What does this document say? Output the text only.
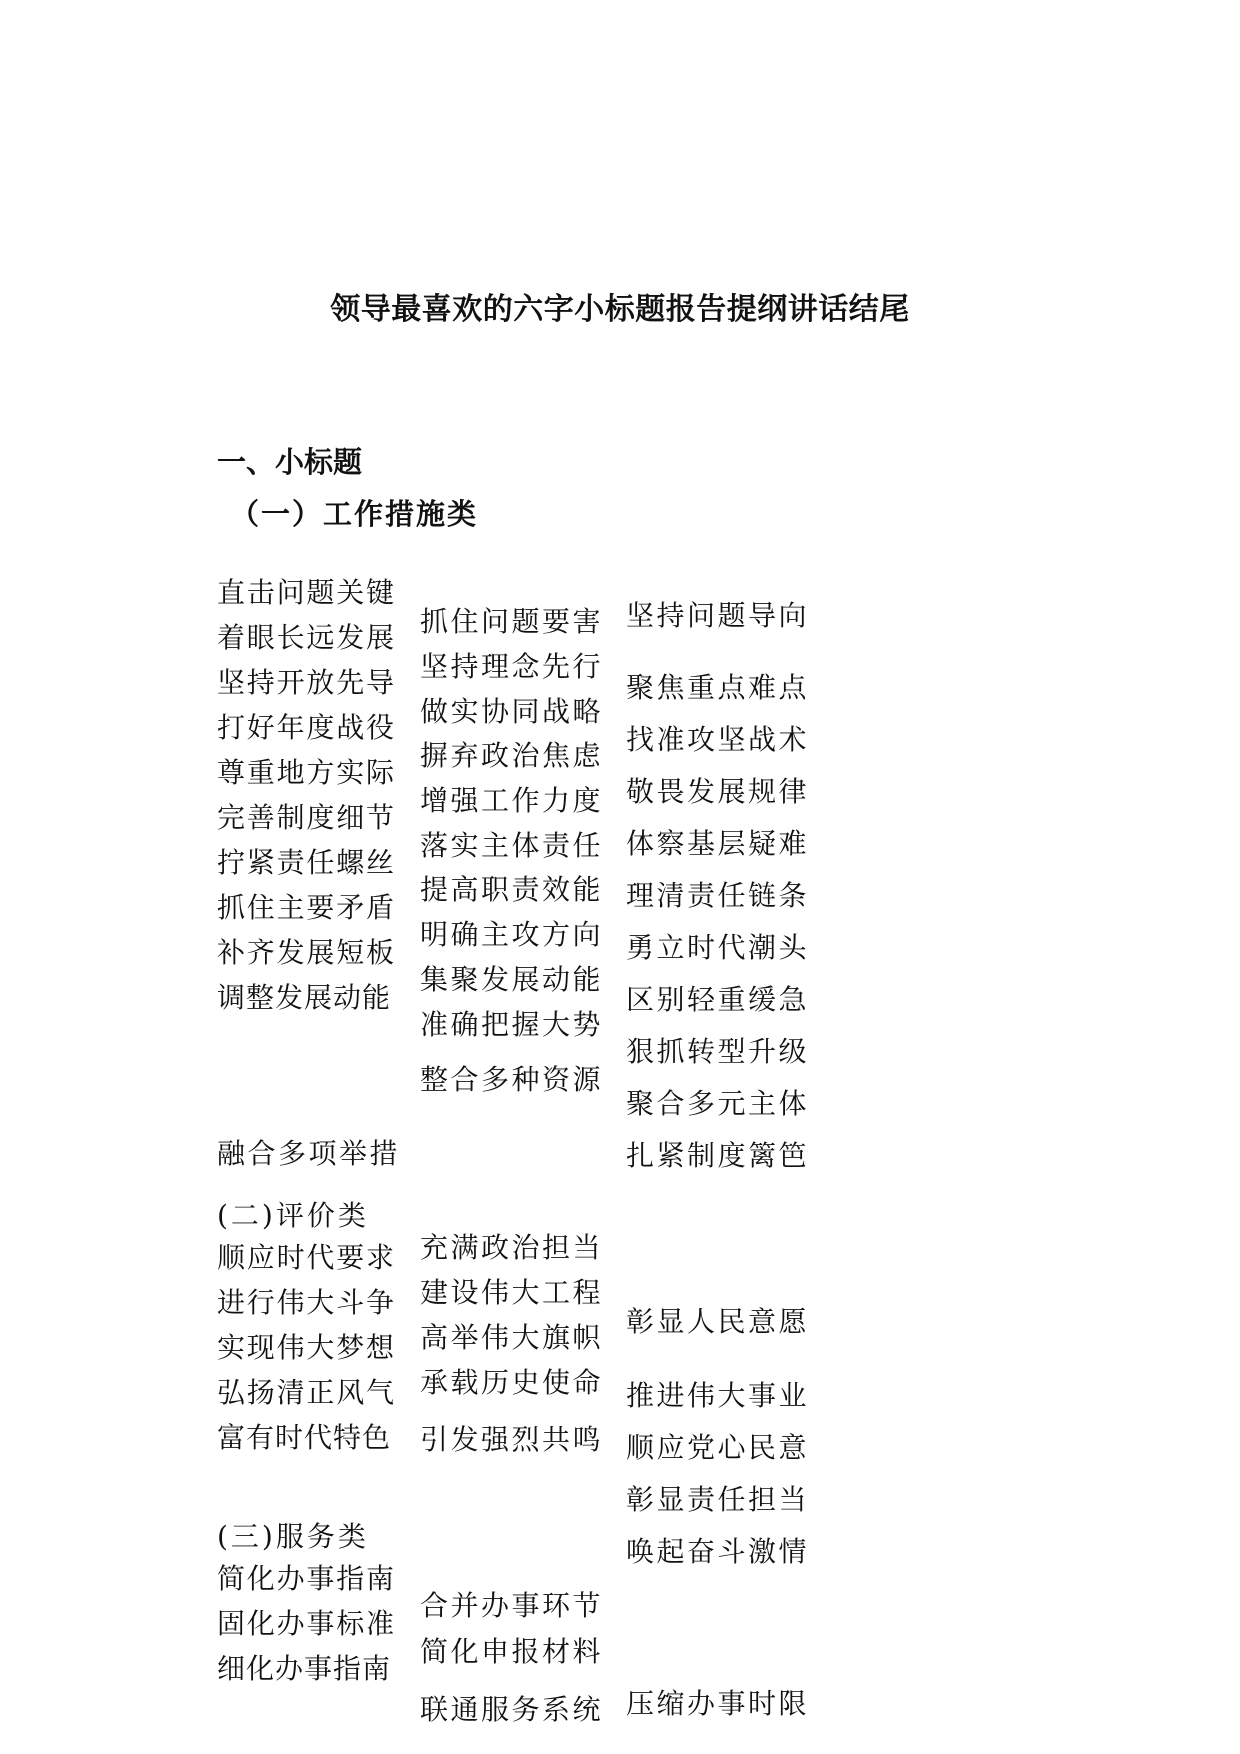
领导最喜欢的六字小标题报告提纲讲话结尾
一、小标题
（一）工作措施类
直击问题关键 着眼长远发展 坚持开放先导 打好年度战役 尊重地方实际 完善制度细节 拧紧责任螺丝 抓住主要矛盾 补齐发展短板 调整发展动能
融合多项举措
抓住问题要害
坚持理念先行
做实协同战略
摒弃政治焦虑
增强工作力度
落实主体责任
提高职责效能
明确主攻方向
集聚发展动能
准确把握大势
整合多种资源
坚持问题导向
聚焦重点难点
找准攻坚战术
敬畏发展规律
体察基层疑难
理清责任链条
勇立时代潮头
区别轻重缓急
狠抓转型升级
聚合多元主体
扎紧制度篱笆
(二)评价类
顺应时代要求 进行伟大斗争 实现伟大梦想 弘扬清正风气 富有时代特色
充满政治担当
建设伟大工程
高举伟大旗帜
承载历史使命
引发强烈共鸣
彰显人民意愿
推进伟大事业
顺应党心民意
彰显责任担当
唤起奋斗激情
(三)服务类
简化办事指南 固化办事标准 细化办事指南
合并办事环节
简化申报材料
联通服务系统 压缩办事时限
